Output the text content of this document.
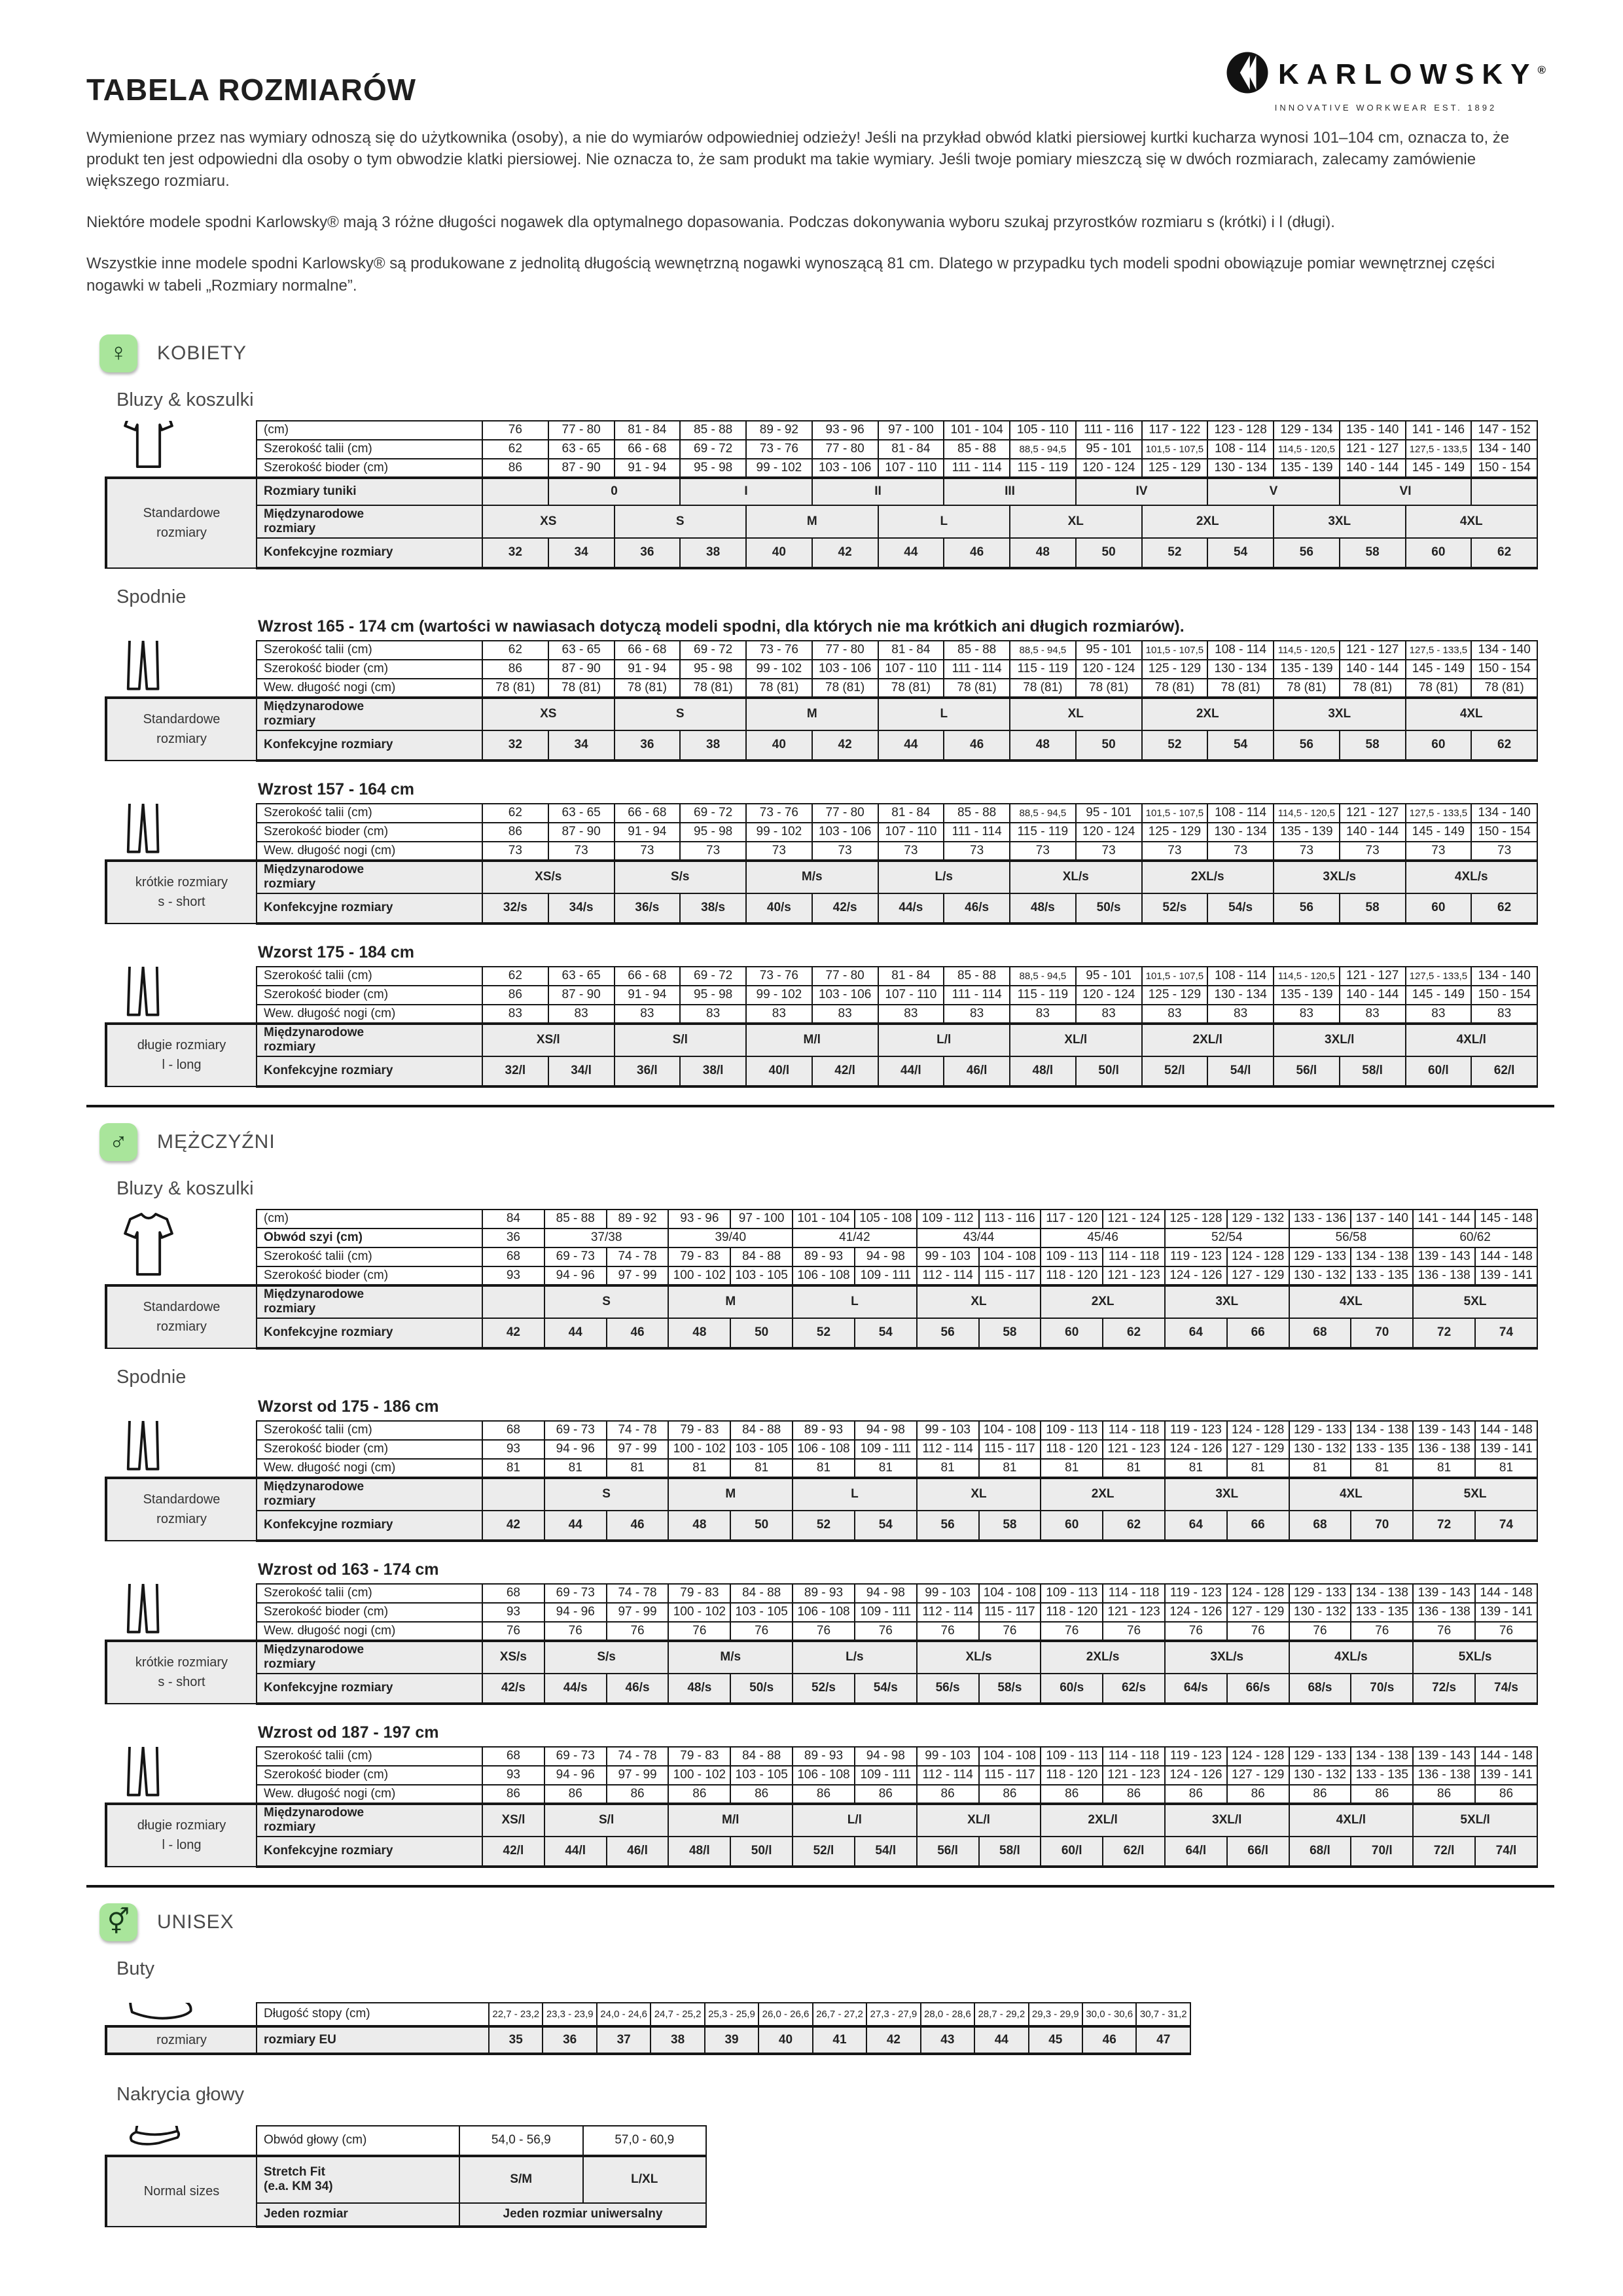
KARLOWSKY®
INNOVATIVE WORKWEAR EST. 1892
TABELA ROZMIARÓW

Wymienione przez nas wymiary odnoszą się do użytkownika (osoby), a nie do wymiarów odpowiedniej odzieży! Jeśli na przykład obwód klatki piersiowej kurtki kucharza wynosi 101–104 cm, oznacza to, że produkt ten jest odpowiedni dla osoby o tym obwodzie klatki piersiowej. Nie oznacza to, że sam produkt ma takie wymiary. Jeśli twoje pomiary mieszczą się w dwóch rozmiarach, zalecamy zamówienie większego rozmiaru.

Niektóre modele spodni Karlowsky® mają 3 różne długości nogawek dla optymalnego dopasowania. Podczas dokonywania wyboru szukaj przyrostków rozmiaru s (krótki) i l (długi).

Wszystkie inne modele spodni Karlowsky® są produkowane z jednolitą długością wewnętrzną nogawki wynoszącą 81 cm. Dlatego w przypadku tych modeli spodni obowiązuje pomiar wewnętrznej części nogawki w tabeli „Rozmiary normalne”.

♀	KOBIETY
Bluzy & koszulki
	(cm)	76	77 - 80	81 - 84	85 - 88	89 - 92	93 - 96	97 - 100	101 - 104	105 - 110	111 - 116	117 - 122	123 - 128	129 - 134	135 - 140	141 - 146	147 - 152
	Szerokość talii (cm)	62	63 - 65	66 - 68	69 - 72	73 - 76	77 - 80	81 - 84	85 - 88	88,5 - 94,5	95 - 101	101,5 - 107,5	108 - 114	114,5 - 120,5	121 - 127	127,5 - 133,5	134 - 140
	Szerokość bioder (cm)	86	87 - 90	91 - 94	95 - 98	99 - 102	103 - 106	107 - 110	111 - 114	115 - 119	120 - 124	125 - 129	130 - 134	135 - 139	140 - 144	145 - 149	150 - 154
Standardowe
rozmiary	Rozmiary tuniki		0		I		II		III		IV		V		VI		
	Międzynarodowe
rozmiary	XS		S		M		L		XL		2XL		3XL		4XL	
	Konfekcyjne rozmiary	32	34	36	38	40	42	44	46	48	50	52	54	56	58	60	62
Spodnie
Wzrost 165 - 174 cm (wartości w nawiasach dotyczą modeli spodni, dla których nie ma krótkich ani długich rozmiarów).
	Szerokość talii (cm)	62	63 - 65	66 - 68	69 - 72	73 - 76	77 - 80	81 - 84	85 - 88	88,5 - 94,5	95 - 101	101,5 - 107,5	108 - 114	114,5 - 120,5	121 - 127	127,5 - 133,5	134 - 140
	Szerokość bioder (cm)	86	87 - 90	91 - 94	95 - 98	99 - 102	103 - 106	107 - 110	111 - 114	115 - 119	120 - 124	125 - 129	130 - 134	135 - 139	140 - 144	145 - 149	150 - 154
	Wew. długość nogi (cm)	78 (81)	78 (81)	78 (81)	78 (81)	78 (81)	78 (81)	78 (81)	78 (81)	78 (81)	78 (81)	78 (81)	78 (81)	78 (81)	78 (81)	78 (81)	78 (81)
Standardowe
rozmiary	Międzynarodowe
rozmiary	XS		S		M		L		XL		2XL		3XL		4XL	
	Konfekcyjne rozmiary	32	34	36	38	40	42	44	46	48	50	52	54	56	58	60	62
Wzrost 157 - 164 cm
	Szerokość talii (cm)	62	63 - 65	66 - 68	69 - 72	73 - 76	77 - 80	81 - 84	85 - 88	88,5 - 94,5	95 - 101	101,5 - 107,5	108 - 114	114,5 - 120,5	121 - 127	127,5 - 133,5	134 - 140
	Szerokość bioder (cm)	86	87 - 90	91 - 94	95 - 98	99 - 102	103 - 106	107 - 110	111 - 114	115 - 119	120 - 124	125 - 129	130 - 134	135 - 139	140 - 144	145 - 149	150 - 154
	Wew. długość nogi (cm)	73	73	73	73	73	73	73	73	73	73	73	73	73	73	73	73
krótkie rozmiary
s - short	Międzynarodowe
rozmiary	XS/s		S/s		M/s		L/s		XL/s		2XL/s		3XL/s		4XL/s	
	Konfekcyjne rozmiary	32/s	34/s	36/s	38/s	40/s	42/s	44/s	46/s	48/s	50/s	52/s	54/s	56	58	60	62
Wzorst 175 - 184 cm
	Szerokość talii (cm)	62	63 - 65	66 - 68	69 - 72	73 - 76	77 - 80	81 - 84	85 - 88	88,5 - 94,5	95 - 101	101,5 - 107,5	108 - 114	114,5 - 120,5	121 - 127	127,5 - 133,5	134 - 140
	Szerokość bioder (cm)	86	87 - 90	91 - 94	95 - 98	99 - 102	103 - 106	107 - 110	111 - 114	115 - 119	120 - 124	125 - 129	130 - 134	135 - 139	140 - 144	145 - 149	150 - 154
	Wew. długość nogi (cm)	83	83	83	83	83	83	83	83	83	83	83	83	83	83	83	83
długie rozmiary
l - long	Międzynarodowe
rozmiary	XS/l		S/l		M/l		L/l		XL/l		2XL/l		3XL/l		4XL/l	
	Konfekcyjne rozmiary	32/l	34/l	36/l	38/l	40/l	42/l	44/l	46/l	48/l	50/l	52/l	54/l	56/l	58/l	60/l	62/l
♂	MĘŻCZYŹNI
Bluzy & koszulki
	(cm)	84	85 - 88	89 - 92	93 - 96	97 - 100	101 - 104	105 - 108	109 - 112	113 - 116	117 - 120	121 - 124	125 - 128	129 - 132	133 - 136	137 - 140	141 - 144	145 - 148
	Obwód szyi (cm)	36	37/38		39/40		41/42		43/44		45/46		52/54		56/58		60/62	
	Szerokość talii (cm)	68	69 - 73	74 - 78	79 - 83	84 - 88	89 - 93	94 - 98	99 - 103	104 - 108	109 - 113	114 - 118	119 - 123	124 - 128	129 - 133	134 - 138	139 - 143	144 - 148
	Szerokość bioder (cm)	93	94 - 96	97 - 99	100 - 102	103 - 105	106 - 108	109 - 111	112 - 114	115 - 117	118 - 120	121 - 123	124 - 126	127 - 129	130 - 132	133 - 135	136 - 138	139 - 141
Standardowe
rozmiary	Międzynarodowe
rozmiary		S		M		L		XL		2XL		3XL		4XL		5XL	
	Konfekcyjne rozmiary	42	44	46	48	50	52	54	56	58	60	62	64	66	68	70	72	74
Spodnie
Wzorst od 175 - 186 cm
	Szerokość talii (cm)	68	69 - 73	74 - 78	79 - 83	84 - 88	89 - 93	94 - 98	99 - 103	104 - 108	109 - 113	114 - 118	119 - 123	124 - 128	129 - 133	134 - 138	139 - 143	144 - 148
	Szerokość bioder (cm)	93	94 - 96	97 - 99	100 - 102	103 - 105	106 - 108	109 - 111	112 - 114	115 - 117	118 - 120	121 - 123	124 - 126	127 - 129	130 - 132	133 - 135	136 - 138	139 - 141
	Wew. długość nogi (cm)	81	81	81	81	81	81	81	81	81	81	81	81	81	81	81	81	81
Standardowe
rozmiary	Międzynarodowe
rozmiary		S		M		L		XL		2XL		3XL		4XL		5XL	
	Konfekcyjne rozmiary	42	44	46	48	50	52	54	56	58	60	62	64	66	68	70	72	74
Wzrost od 163 - 174 cm
	Szerokość talii (cm)	68	69 - 73	74 - 78	79 - 83	84 - 88	89 - 93	94 - 98	99 - 103	104 - 108	109 - 113	114 - 118	119 - 123	124 - 128	129 - 133	134 - 138	139 - 143	144 - 148
	Szerokość bioder (cm)	93	94 - 96	97 - 99	100 - 102	103 - 105	106 - 108	109 - 111	112 - 114	115 - 117	118 - 120	121 - 123	124 - 126	127 - 129	130 - 132	133 - 135	136 - 138	139 - 141
	Wew. długość nogi (cm)	76	76	76	76	76	76	76	76	76	76	76	76	76	76	76	76	76
krótkie rozmiary
s - short	Międzynarodowe
rozmiary	XS/s	S/s		M/s		L/s		XL/s		2XL/s		3XL/s		4XL/s		5XL/s	
	Konfekcyjne rozmiary	42/s	44/s	46/s	48/s	50/s	52/s	54/s	56/s	58/s	60/s	62/s	64/s	66/s	68/s	70/s	72/s	74/s
Wzrost od 187 - 197 cm
	Szerokość talii (cm)	68	69 - 73	74 - 78	79 - 83	84 - 88	89 - 93	94 - 98	99 - 103	104 - 108	109 - 113	114 - 118	119 - 123	124 - 128	129 - 133	134 - 138	139 - 143	144 - 148
	Szerokość bioder (cm)	93	94 - 96	97 - 99	100 - 102	103 - 105	106 - 108	109 - 111	112 - 114	115 - 117	118 - 120	121 - 123	124 - 126	127 - 129	130 - 132	133 - 135	136 - 138	139 - 141
	Wew. długość nogi (cm)	86	86	86	86	86	86	86	86	86	86	86	86	86	86	86	86	86
długie rozmiary
l - long	Międzynarodowe
rozmiary	XS/l	S/l		M/l		L/l		XL/l		2XL/l		3XL/l		4XL/l		5XL/l	
	Konfekcyjne rozmiary	42/l	44/l	46/l	48/l	50/l	52/l	54/l	56/l	58/l	60/l	62/l	64/l	66/l	68/l	70/l	72/l	74/l
⚥	UNISEX
Buty
	Długość stopy (cm)	22,7 - 23,2	23,3 - 23,9	24,0 - 24,6	24,7 - 25,2	25,3 - 25,9	26,0 - 26,6	26,7 - 27,2	27,3 - 27,9	28,0 - 28,6	28,7 - 29,2	29,3 - 29,9	30,0 - 30,6	30,7 - 31,2
rozmiary	rozmiary EU	35	36	37	38	39	40	41	42	43	44	45	46	47
Nakrycia głowy
	Obwód głowy (cm)	54,0 - 56,9	57,0 - 60,9
Normal sizes	Stretch Fit
(e.a. KM 34)	S/M	L/XL
	Jeden rozmiar	Jeden rozmiar uniwersalny	
